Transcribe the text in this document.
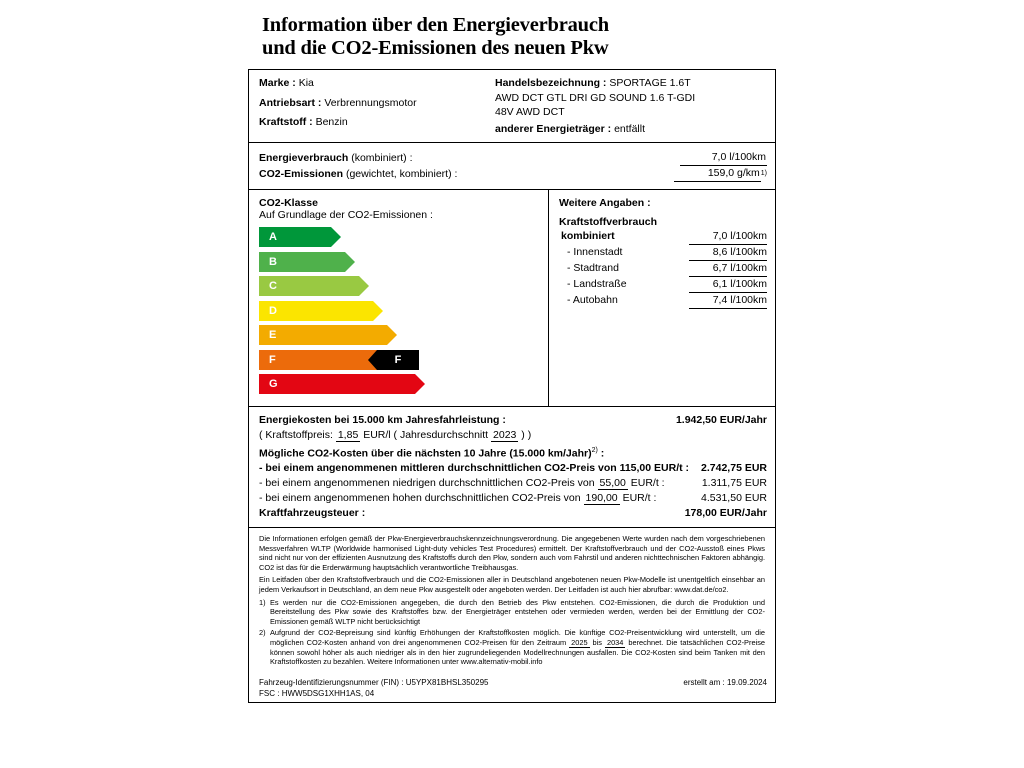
Information über den Energieverbrauch
und die CO2-Emissionen des neuen Pkw
Marke : Kia
Antriebsart : Verbrennungsmotor
Kraftstoff : Benzin
Handelsbezeichnung : SPORTAGE 1.6T
AWD DCT GTL DRI GD SOUND 1.6 T-GDI
48V AWD DCT
anderer Energieträger : entfällt
Energieverbrauch (kombiniert) :	7,0 l/100km
CO2-Emissionen (gewichtet, kombiniert) :	159,0 g/km 1)
CO2-Klasse
Auf Grundlage der CO2-Emissionen :
A
B
C
D
E
F	F
G
Weitere Angaben :
Kraftstoffverbrauch
kombiniert	7,0 l/100km
- Innenstadt	8,6 l/100km
- Stadtrand	6,7 l/100km
- Landstraße	6,1 l/100km
- Autobahn	7,4 l/100km
Energiekosten bei 15.000 km Jahresfahrleistung :	1.942,50 EUR/Jahr
( Kraftstoffpreis: 1,85 EUR/l ( Jahresdurchschnitt 2023 ) )
Mögliche CO2-Kosten über die nächsten 10 Jahre (15.000 km/Jahr)$^{2)}$ :
- bei einem angenommenen mittleren durchschnittlichen CO2-Preis von 115,00 EUR/t : 2.742,75 EUR
- bei einem angenommenen niedrigen durchschnittlichen CO2-Preis von 55,00 EUR/t :	1.311,75 EUR
- bei einem angenommenen hohen durchschnittlichen CO2-Preis von 190,00 EUR/t :	4.531,50 EUR
Kraftfahrzeugsteuer :	178,00 EUR/Jahr

Die Informationen erfolgen gemäß der Pkw-Energieverbrauchskennzeichnungsverordnung. Die angegebenen Werte wurden nach dem vorgeschriebenen Messverfahren WLTP (Worldwide harmonised Light-duty vehicles Test Procedures) ermittelt. Der Kraftstoffverbrauch und der CO2-Ausstoß eines Pkws sind nicht nur von der effizienten Ausnutzung des Kraftstoffs durch den Pkw, sondern auch vom Fahrstil und anderen nichttechnischen Faktoren abhängig. CO2 ist das für die Erderwärmung hauptsächlich verantwortliche Treibhausgas.

Ein Leitfaden über den Kraftstoffverbrauch und die CO2-Emissionen aller in Deutschland angebotenen neuen Pkw-Modelle ist unentgeltlich einsehbar an jedem Verkaufsort in Deutschland, an dem neue Pkw ausgestellt oder angeboten werden. Der Leitfaden ist auch hier abrufbar: www.dat.de/co2.

1) Es werden nur die CO2-Emissionen angegeben, die durch den Betrieb des Pkw entstehen. CO2-Emissionen, die durch die Produktion und Bereitstellung des Pkw sowie des Kraftstoffes bzw. der Energieträger entstehen oder vermieden werden, werden bei der Ermittlung der CO2-Emissionen gemäß WLTP nicht berücksichtigt
2) Aufgrund der CO2-Bepreisung sind künftig Erhöhungen der Kraftstoffkosten möglich. Die künftige CO2-Preisentwicklung wird unterstellt, um die möglichen CO2-Kosten anhand von drei angenommenen CO2-Preisen für den Zeitraum 2025 bis 2034 berechnet. Die tatsächlichen CO2-Preise können sowohl höher als auch niedriger als in den hier zugrundeliegenden Modellrechnungen ausfallen. Die CO2-Kosten sind beim Tanken mit den Kraftstoffkosten zu bezahlen. Weitere Informationen unter www.alternativ-mobil.info
Fahrzeug-Identifizierungsnummer (FIN) : U5YPX81BHSL350295
FSC : HWW5DSG1XHH1AS, 04
erstellt am : 19.09.2024
